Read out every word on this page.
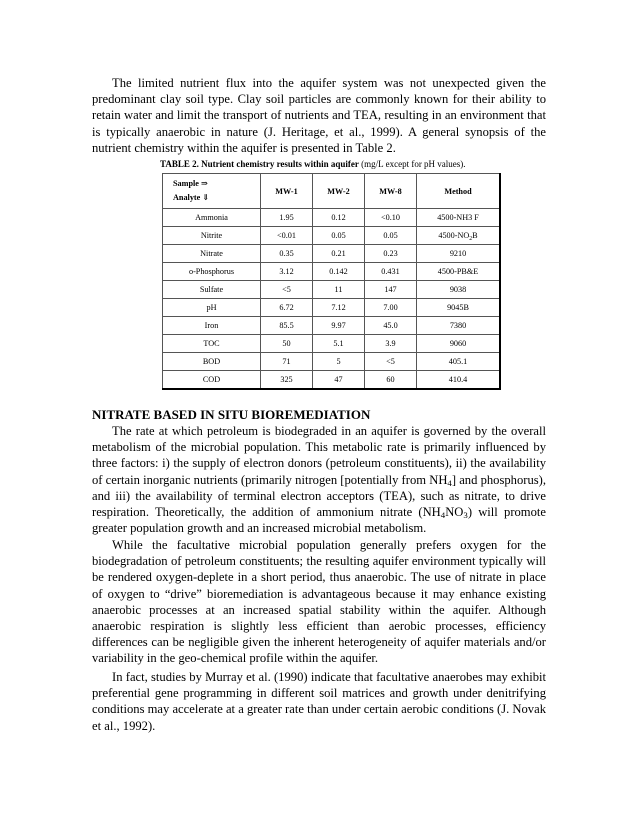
The limited nutrient flux into the aquifer system was not unexpected given the predominant clay soil type. Clay soil particles are commonly known for their ability to retain water and limit the transport of nutrients and TEA, resulting in an environment that is typically anaerobic in nature (J. Heritage, et al., 1999). A general synopsis of the nutrient chemistry within the aquifer is presented in Table 2.

TABLE 2. Nutrient chemistry results within aquifer (mg/L except for pH values).
Sample ⇒
Analyte ⇓	MW-1	MW-2	MW-8	Method
Ammonia	1.95	0.12	<0.10	4500-NH3 F
Nitrite	<0.01	0.05	0.05	$4500-NO_2B$
Nitrate	0.35	0.21	0.23	9210
o-Phosphorus	3.12	0.142	0.431	4500-PB&E
Sulfate	<5	11	147	9038
pH	6.72	7.12	7.00	9045B
Iron	85.5	9.97	45.0	7380
TOC	50	5.1	3.9	9060
BOD	71	5	<5	405.1
COD	325	47	60	410.4
NITRATE BASED IN SITU BIOREMEDIATION

The rate at which petroleum is biodegraded in an aquifer is governed by the overall metabolism of the microbial population. This metabolic rate is primarily influenced by three factors: i) the supply of electron donors (petroleum constituents), ii) the availability of certain inorganic nutrients (primarily nitrogen [potentially from $NH_4$] and phosphorus), and iii) the availability of terminal electron acceptors (TEA), such as nitrate, to drive respiration. Theoretically, the addition of ammonium nitrate $(NH_4NO_3)$ will promote greater population growth and an increased microbial metabolism.

While the facultative microbial population generally prefers oxygen for the biodegradation of petroleum constituents; the resulting aquifer environment typically will be rendered oxygen-deplete in a short period, thus anaerobic. The use of nitrate in place of oxygen to “drive” bioremediation is advantageous because it may enhance existing anaerobic processes at an increased spatial stability within the aquifer. Although anaerobic respiration is slightly less efficient than aerobic processes, efficiency differences can be negligible given the inherent heterogeneity of aquifer materials and/or variability in the geo-chemical profile within the aquifer.

In fact, studies by Murray et al. (1990) indicate that facultative anaerobes may exhibit preferential gene programming in different soil matrices and growth under denitrifying conditions may accelerate at a greater rate than under certain aerobic conditions (J. Novak et al., 1992).
